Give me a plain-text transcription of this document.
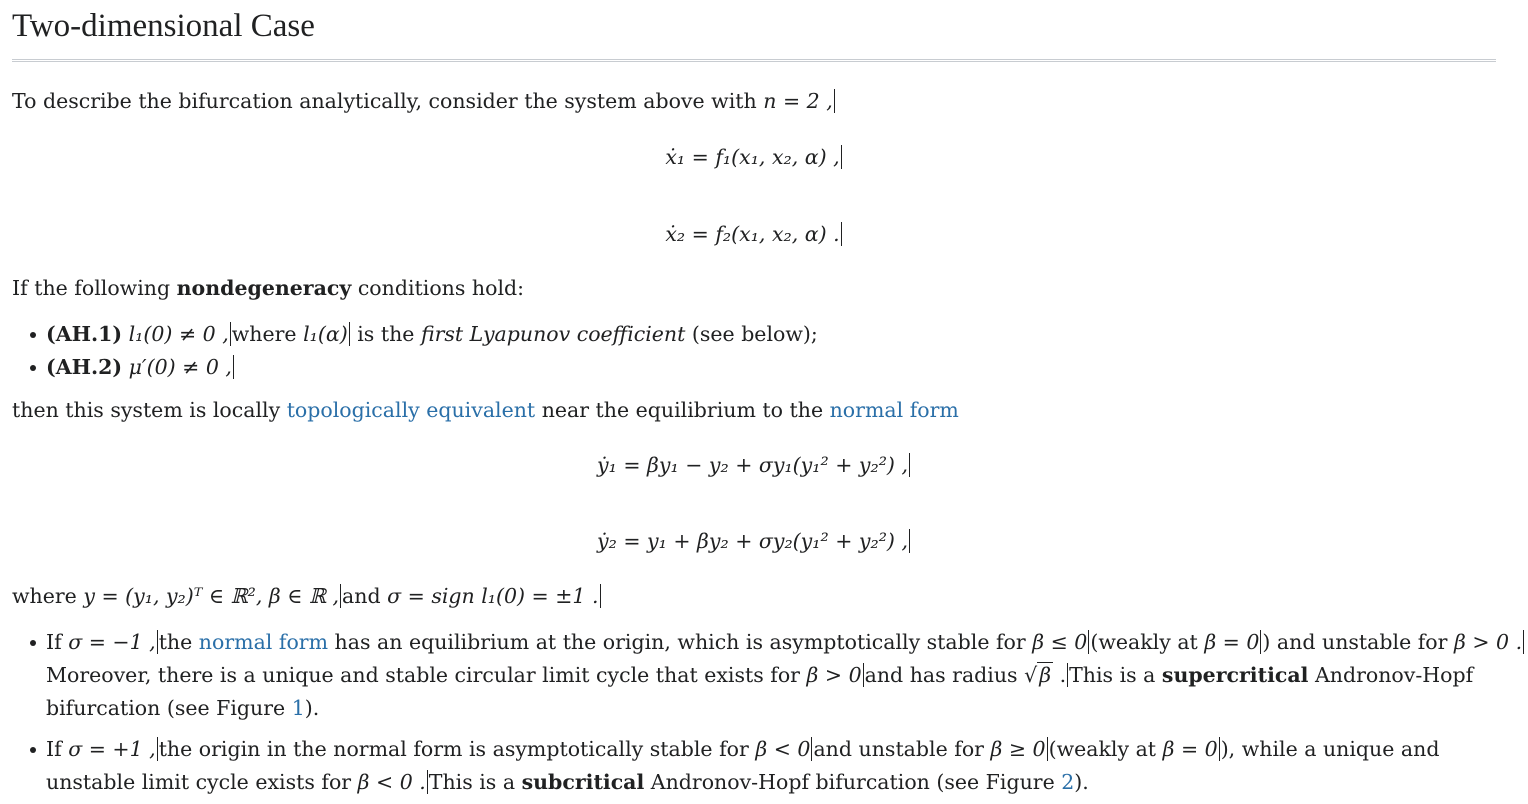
Two-dimensional Case

To describe the bifurcation analytically, consider the system above with n = 2 ,

ẋ₁ = f₁(x₁, x₂, α) ,

ẋ₂ = f₂(x₁, x₂, α) .

If the following nondegeneracy conditions hold:

(AH.1) l₁(0) ≠ 0 , where l₁(α) is the first Lyapunov coefficient (see below);
(AH.2) μ′(0) ≠ 0 ,

then this system is locally topologically equivalent near the equilibrium to the normal form

ẏ₁ = βy₁ − y₂ + σy₁(y₁² + y₂²) ,

ẏ₂ = y₁ + βy₂ + σy₂(y₁² + y₂²) ,

where y = (y₁, y₂)ᵀ ∈ ℝ², β ∈ ℝ , and σ = sign l₁(0) = ±1 .

If σ = −1 , the normal form has an equilibrium at the origin, which is asymptotically stable for β ≤ 0 (weakly at β = 0 ) and unstable for β > 0 . Moreover, there is a unique and stable circular limit cycle that exists for β > 0 and has radius √β . This is a supercritical Andronov-Hopf bifurcation (see Figure 1).
If σ = +1 , the origin in the normal form is asymptotically stable for β < 0 and unstable for β ≥ 0 (weakly at β = 0 ), while a unique and unstable limit cycle exists for β < 0 . This is a subcritical Andronov-Hopf bifurcation (see Figure 2).
